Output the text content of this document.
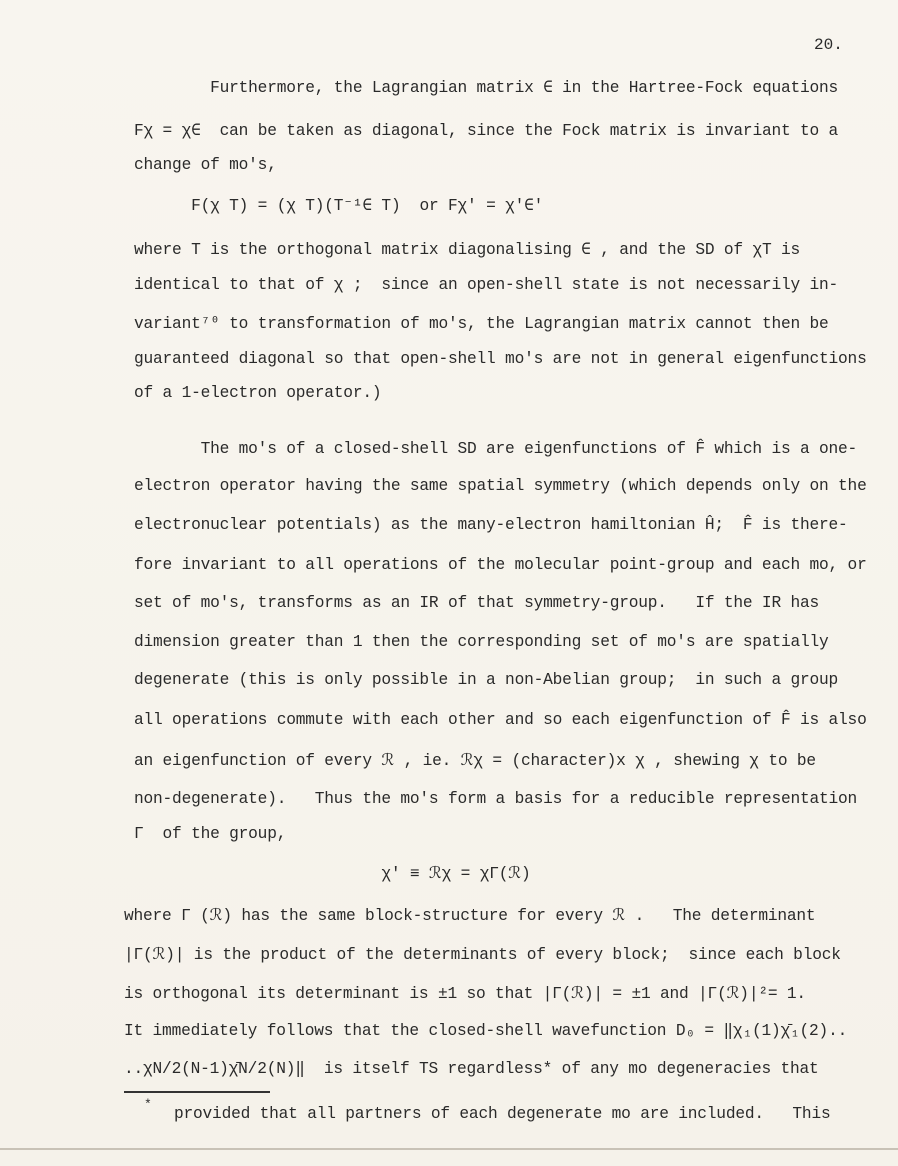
20.
Furthermore, the Lagrangian matrix ∈ in the Hartree-Fock equations
Fχ = χ∈  can be taken as diagonal, since the Fock matrix is invariant to a
change of mo's,
F(χ T) = (χ T)(T⁻¹∈ T)  or Fχ′ = χ′∈′
where T is the orthogonal matrix diagonalising ∈ , and the SD of χT is
identical to that of χ ;  since an open-shell state is not necessarily in-
variant⁷⁰ to transformation of mo's, the Lagrangian matrix cannot then be
guaranteed diagonal so that open-shell mo's are not in general eigenfunctions
of a 1-electron operator.)
The mo's of a closed-shell SD are eigenfunctions of F̂ which is a one-
electron operator having the same spatial symmetry (which depends only on the
electronuclear potentials) as the many-electron hamiltonian Ĥ;  F̂ is there-
fore invariant to all operations of the molecular point-group and each mo, or
set of mo's, transforms as an IR of that symmetry-group.   If the IR has
dimension greater than 1 then the corresponding set of mo's are spatially
degenerate (this is only possible in a non-Abelian group;  in such a group
all operations commute with each other and so each eigenfunction of F̂ is also
an eigenfunction of every ℛ , ie. ℛχ = (character)x χ , shewing χ to be
non-degenerate).   Thus the mo's form a basis for a reducible representation
Γ  of the group,
χ′ ≡ ℛχ = χΓ(ℛ)
where Γ (ℛ) has the same block-structure for every ℛ .   The determinant
|Γ(ℛ)| is the product of the determinants of every block;  since each block
is orthogonal its determinant is ±1 so that |Γ(ℛ)| = ±1 and |Γ(ℛ)|²= 1.
It immediately follows that the closed-shell wavefunction D₀ = ‖χ₁(1)χ̄₁(2)..
..χN/2(N-1)χ̄N/2(N)‖  is itself TS regardless* of any mo degeneracies that
*
provided that all partners of each degenerate mo are included.   This
